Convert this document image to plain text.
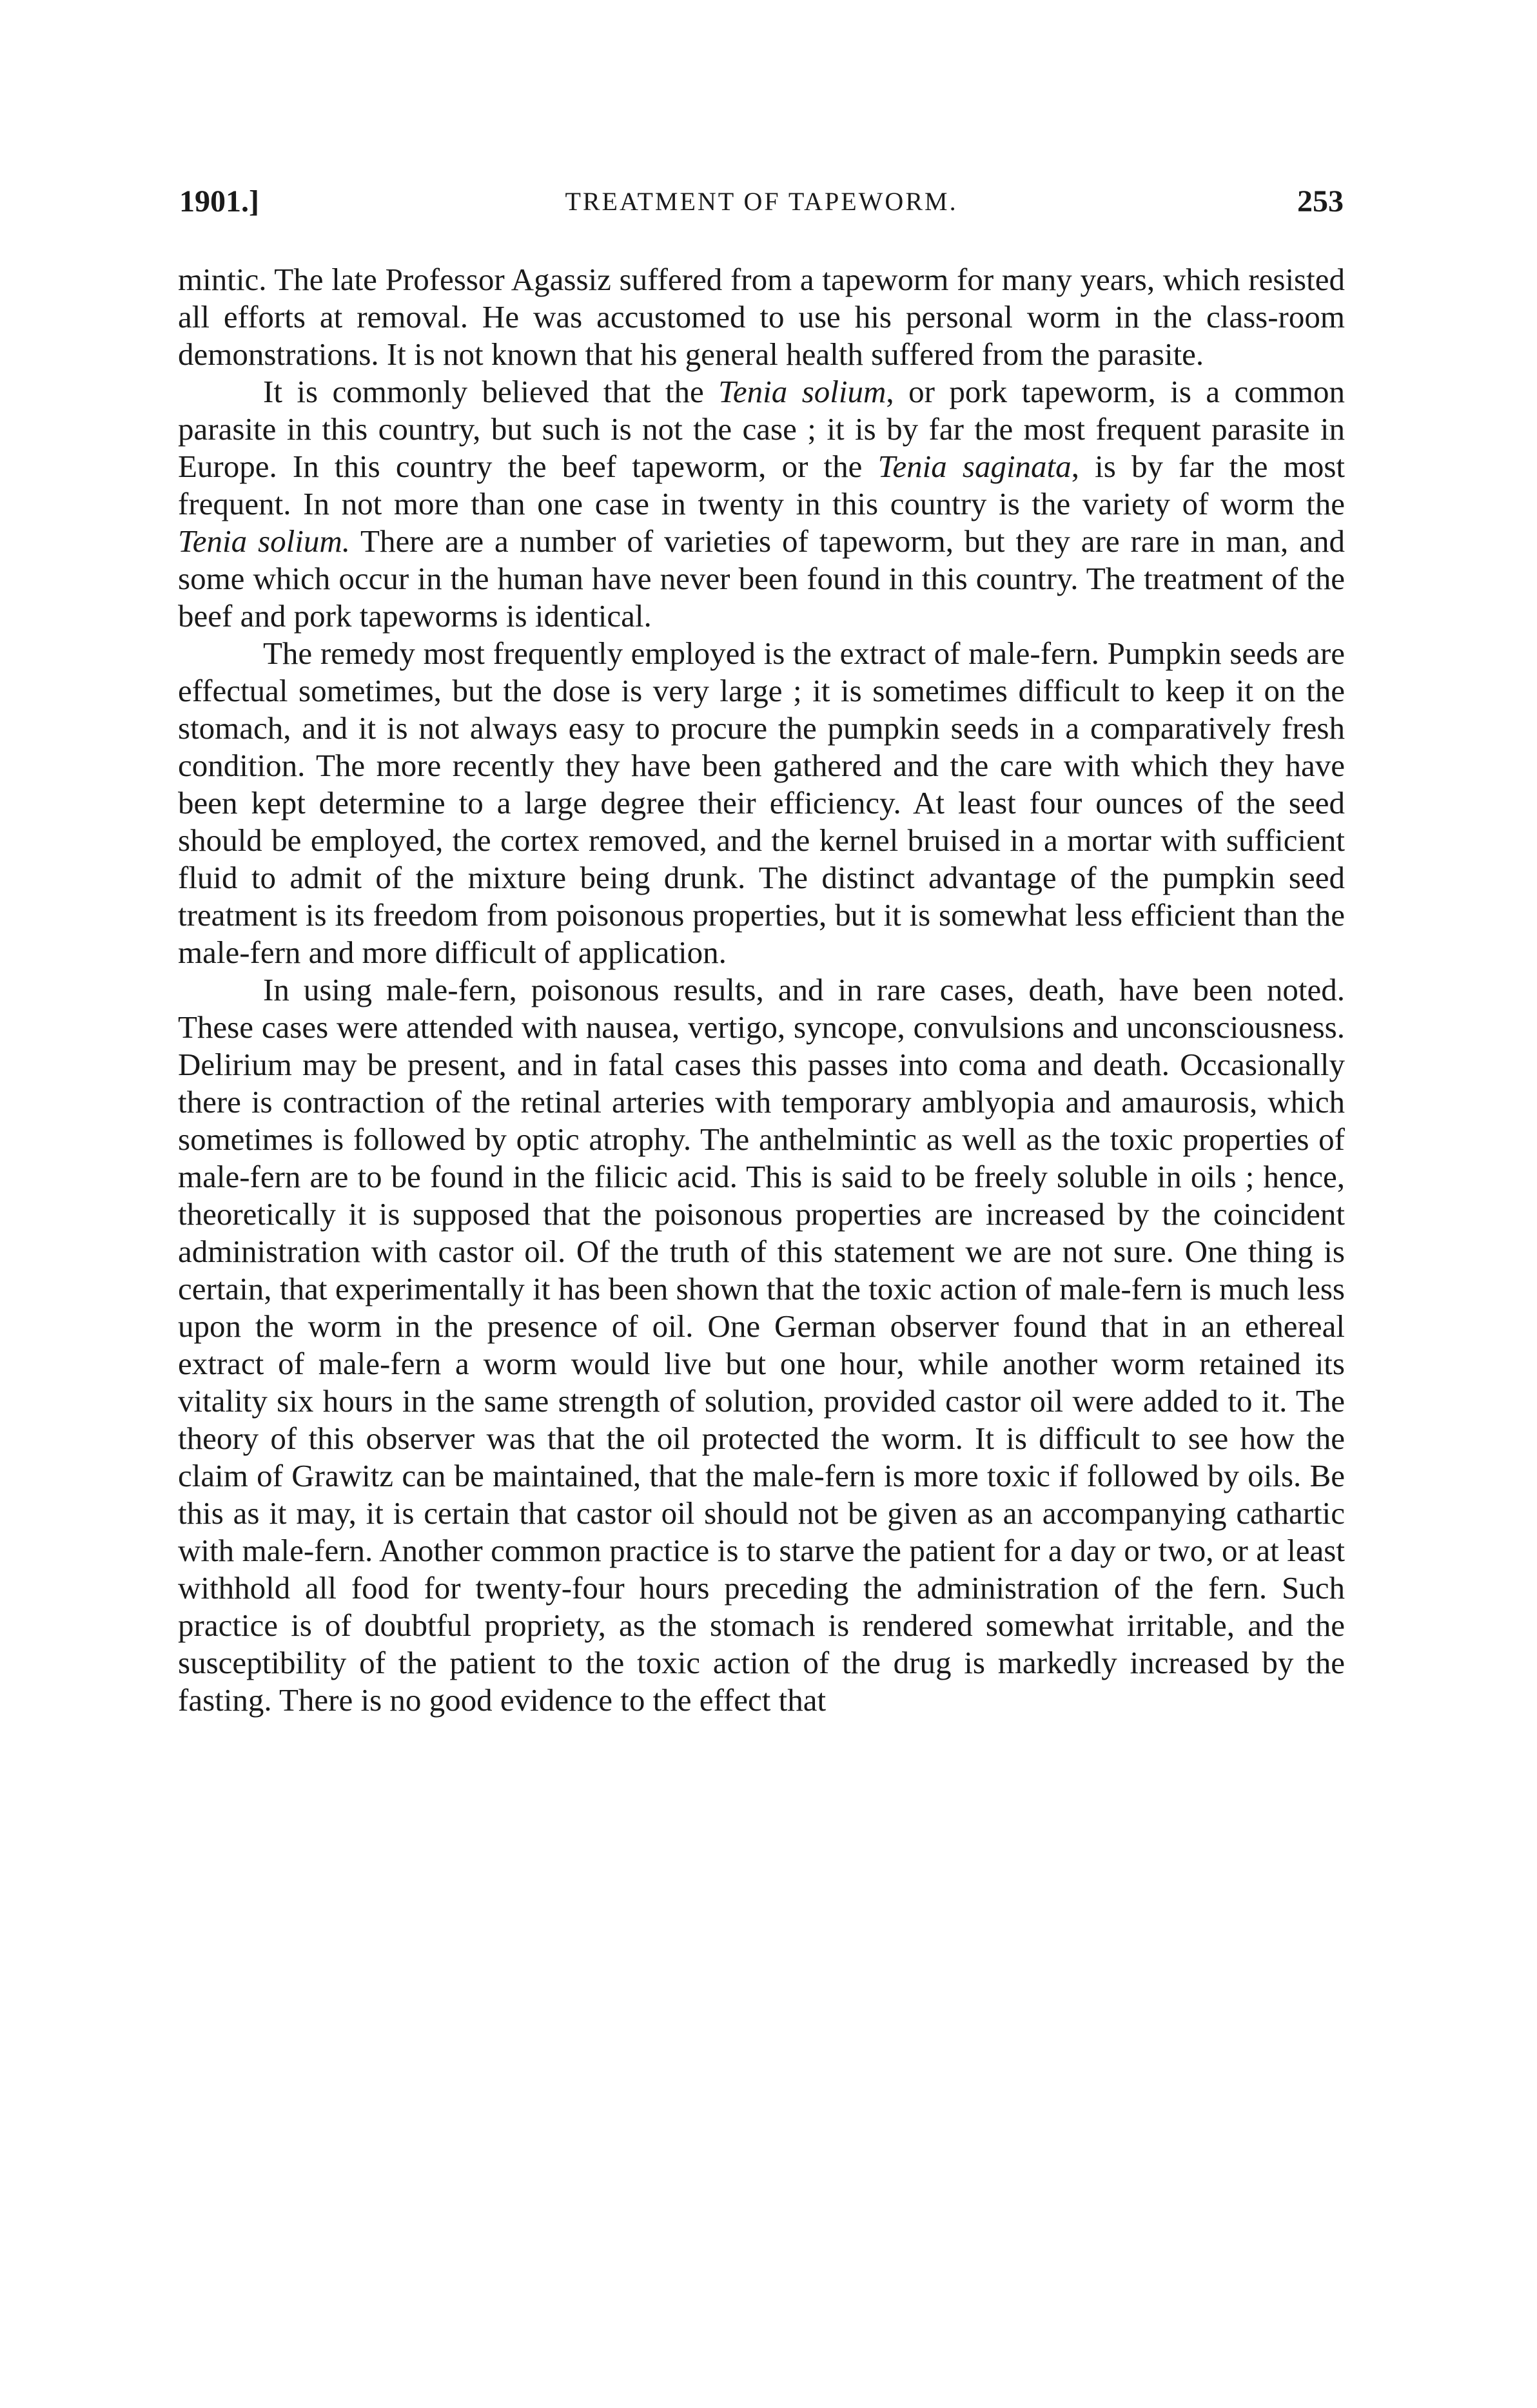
1901.]	TREATMENT OF TAPEWORM.	253

mintic. The late Professor Agassiz suffered from a tapeworm for many years, which resisted all efforts at removal. He was accustomed to use his personal worm in the class-room demonstrations. It is not known that his general health suffered from the parasite.

It is commonly believed that the Tenia solium, or pork tapeworm, is a common parasite in this country, but such is not the case ; it is by far the most frequent parasite in Europe. In this country the beef tapeworm, or the Tenia saginata, is by far the most frequent. In not more than one case in twenty in this country is the variety of worm the Tenia solium. There are a number of varieties of tapeworm, but they are rare in man, and some which occur in the human have never been found in this country. The treatment of the beef and pork tapeworms is identical.

The remedy most frequently employed is the extract of male-fern. Pumpkin seeds are effectual sometimes, but the dose is very large ; it is sometimes difficult to keep it on the stomach, and it is not always easy to procure the pumpkin seeds in a comparatively fresh condition. The more recently they have been gathered and the care with which they have been kept determine to a large degree their efficiency. At least four ounces of the seed should be employed, the cortex removed, and the kernel bruised in a mortar with sufficient fluid to admit of the mixture being drunk. The distinct advantage of the pumpkin seed treatment is its freedom from poisonous properties, but it is somewhat less efficient than the male-fern and more difficult of application.

In using male-fern, poisonous results, and in rare cases, death, have been noted. These cases were attended with nausea, vertigo, syncope, convulsions and unconsciousness. Delirium may be present, and in fatal cases this passes into coma and death. Occasionally there is contraction of the retinal arteries with temporary amblyopia and amaurosis, which sometimes is followed by optic atrophy. The anthelmintic as well as the toxic properties of male-fern are to be found in the filicic acid. This is said to be freely soluble in oils ; hence, theoretically it is supposed that the poisonous properties are increased by the coincident administration with castor oil. Of the truth of this statement we are not sure. One thing is certain, that experimentally it has been shown that the toxic action of male-fern is much less upon the worm in the presence of oil. One German observer found that in an ethereal extract of male-fern a worm would live but one hour, while another worm retained its vitality six hours in the same strength of solution, provided castor oil were added to it. The theory of this observer was that the oil protected the worm. It is difficult to see how the claim of Grawitz can be maintained, that the male-fern is more toxic if followed by oils. Be this as it may, it is certain that castor oil should not be given as an accompanying cathartic with male-fern. Another common practice is to starve the patient for a day or two, or at least withhold all food for twenty-four hours preceding the administration of the fern. Such practice is of doubtful propriety, as the stomach is rendered somewhat irritable, and the susceptibility of the patient to the toxic action of the drug is markedly increased by the fasting. There is no good evidence to the effect that
